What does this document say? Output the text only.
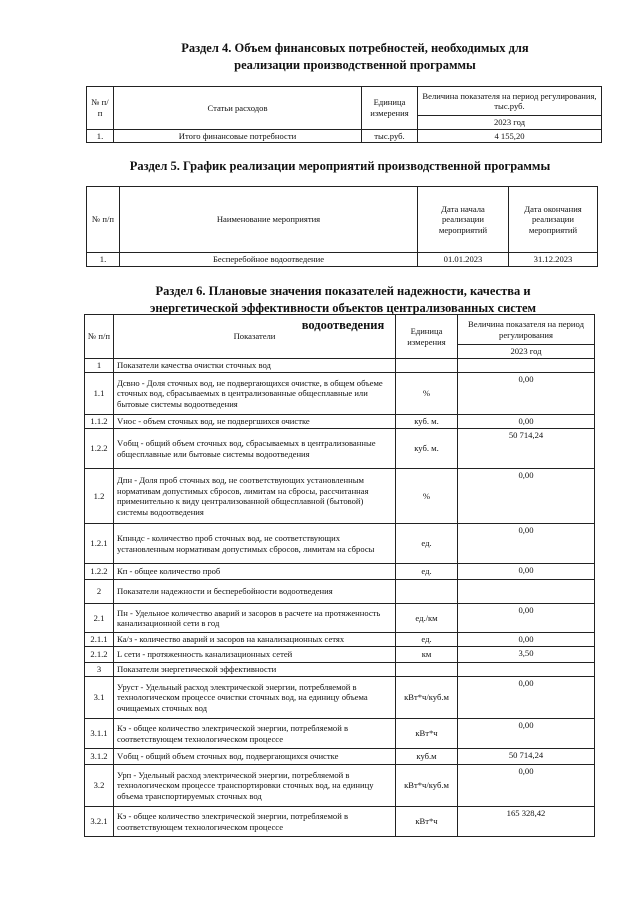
Раздел 4. Объем финансовых потребностей, необходимых для реализации производственной программы
№ п/п	Статьи расходов	Единица измерения	Величина показателя на период регулирования, тыс.руб.
			2023 год
1.	Итого финансовые потребности	тыс.руб.	4 155,20
Раздел 5. График реализации мероприятий производственной программы
№ п/п	Наименование мероприятия	Дата начала реализации мероприятий	Дата окончания реализации мероприятий
1.	Бесперебойное водоотведение	01.01.2023	31.12.2023
Раздел 6. Плановые значения показателей надежности, качества и энергетической эффективности объектов централизованных систем водоотведения
№ п/п	Показатели	Единица измерения	Величина показателя на период регулирования
			2023 год
1	Показатели качества очистки сточных вод		
1.1	Дсвно - Доля сточных вод, не подвергающихся очистке, в общем объеме сточных вод, сбрасываемых в централизованные общесплавные или бытовые системы водоотведения	%	0,00
1.1.2	Vнос - объем сточных вод, не подвергшихся очистке	куб. м.	0,00
1.2.2	Vобщ - общий объем сточных вод, сбрасываемых в централизованные общесплавные или бытовые системы водоотведения	куб. м.	50 714,24
1.2	Дпн - Доля проб сточных вод, не соответствующих установленным нормативам допустимых сбросов, лимитам на сбросы, рассчитанная применительно к виду централизованной общесплавной (бытовой) системы водоотведения	%	0,00
1.2.1	Кпнндс - количество проб сточных вод, не соответствующих установленным нормативам допустимых сбросов, лимитам на сбросы	ед.	0,00
1.2.2	Кп - общее количество проб	ед.	0,00
2	Показатели надежности и бесперебойности водоотведения		
2.1	Пн - Удельное количество аварий и засоров в расчете на протяженность канализационной сети в год	ед./км	0,00
2.1.1	Ка/з - количество аварий и засоров на канализационных сетях	ед.	0,00
2.1.2	L сети - протяженность канализационных сетей	км	3,50
3	Показатели энергетической эффективности		
3.1	Уруст - Удельный расход электрической энергии, потребляемой в технологическом процессе очистки сточных вод, на единицу объема очищаемых сточных вод	кВт*ч/куб.м	0,00
3.1.1	Кэ - общее количество электрической энергии, потребляемой в соответствующем технологическом процессе	кВт*ч	0,00
3.1.2	Vобщ - общий объем сточных вод, подвергающихся очистке	куб.м	50 714,24
3.2	Урп - Удельный расход электрической энергии, потребляемой в технологическом процессе транспортировки сточных вод, на единицу объема транспортируемых сточных вод	кВт*ч/куб.м	0,00
3.2.1	Кэ - общее количество электрической энергии, потребляемой в соответствующем технологическом процессе	кВт*ч	165 328,42
